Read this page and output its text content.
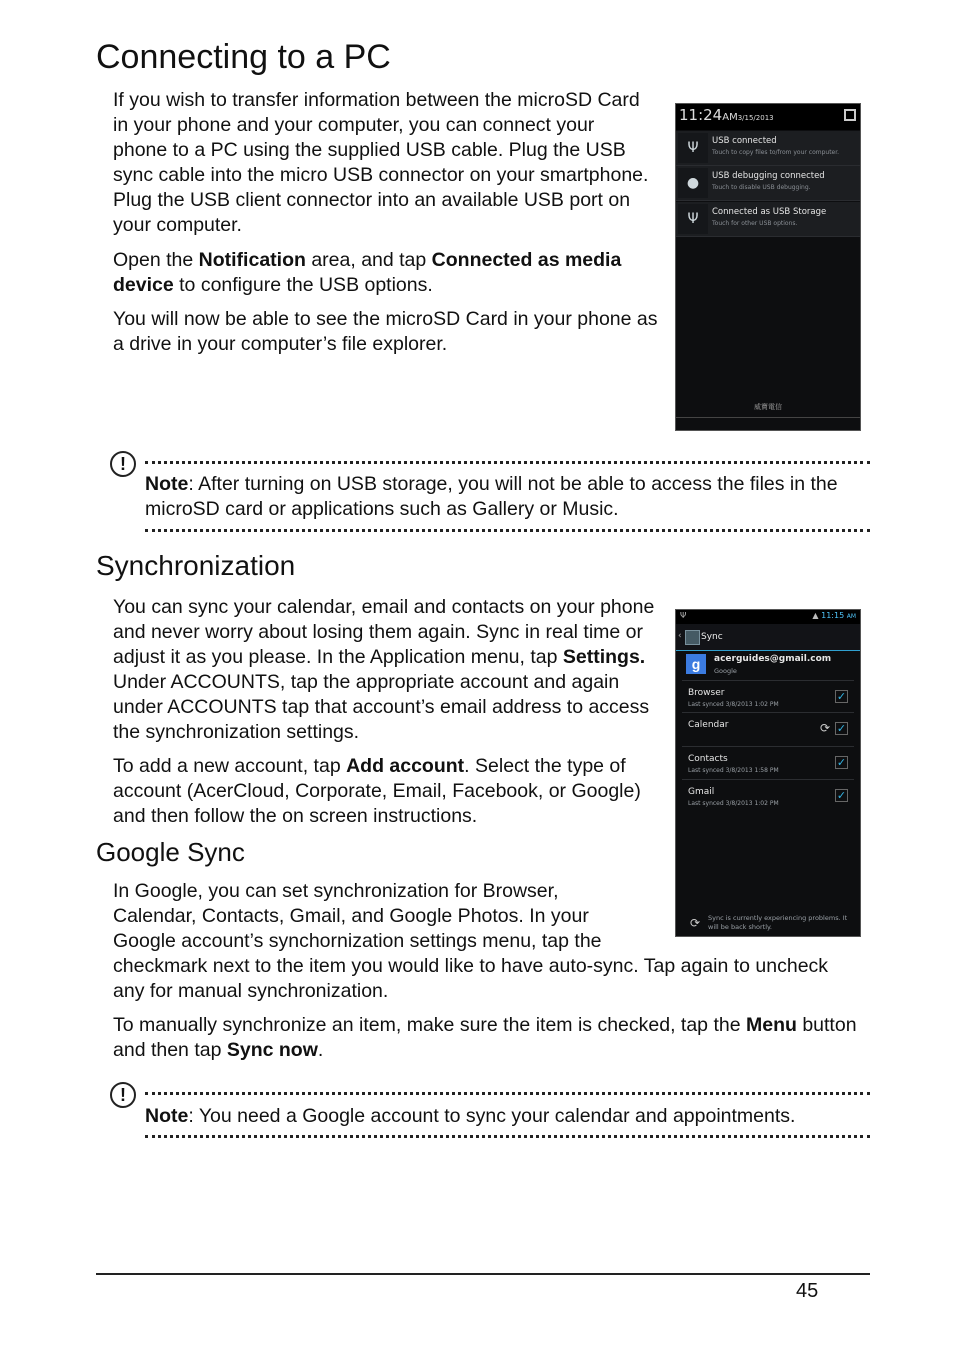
Connecting to a PC

If you wish to transfer information between the microSD Card in your phone and your computer, you can connect your phone to a PC using the supplied USB cable. Plug the USB sync cable into the micro USB connector on your smartphone. Plug the USB client connector into an available USB port on your computer.

Open the Notification area, and tap Connected as media device to configure the USB options.

You will now be able to see the microSD Card in your phone as a drive in your computer’s file explorer.

11:24AM3/15/2013
Ψ	USB connected
Touch to copy files to/from your computer.
●	USB debugging connected
Touch to disable USB debugging.
Ψ	Connected as USB Storage
Touch for other USB options.
威寶電信
!

Note: After turning on USB storage, you will not be able to access the files in the microSD card or applications such as Gallery or Music.

Synchronization

You can sync your calendar, email and contacts on your phone and never worry about losing them again. Sync in real time or adjust it as you please. In the Application menu, tap Settings. Under ACCOUNTS, tap the appropriate account and again under ACCOUNTS tap that account’s email address to access the synchronization settings.

To add a new account, tap Add account. Select the type of account (AcerCloud, Corporate, Email, Facebook, or Google) and then follow the on screen instructions.

Ψ	▲ 11:15 AM
‹ Sync
g	acerguides@gmail.com
Google
Browser
Last synced 3/8/2013 1:02 PM
✓
Calendar	⟳ ✓
Contacts
Last synced 3/8/2013 1:58 PM
✓
Gmail
Last synced 3/8/2013 1:02 PM
✓
⟳ Sync is currently experiencing problems. It will be back shortly.
Google Sync
In Google, you can set synchronization for Browser,
Calendar, Contacts, Gmail, and Google Photos. In your
Google account’s synchornization settings menu, tap the
checkmark next to the item you would like to have auto-sync. Tap again to uncheck
any for manual synchronization.

To manually synchronize an item, make sure the item is checked, tap the Menu button and then tap Sync now.

!

Note: You need a Google account to sync your calendar and appointments.

45
